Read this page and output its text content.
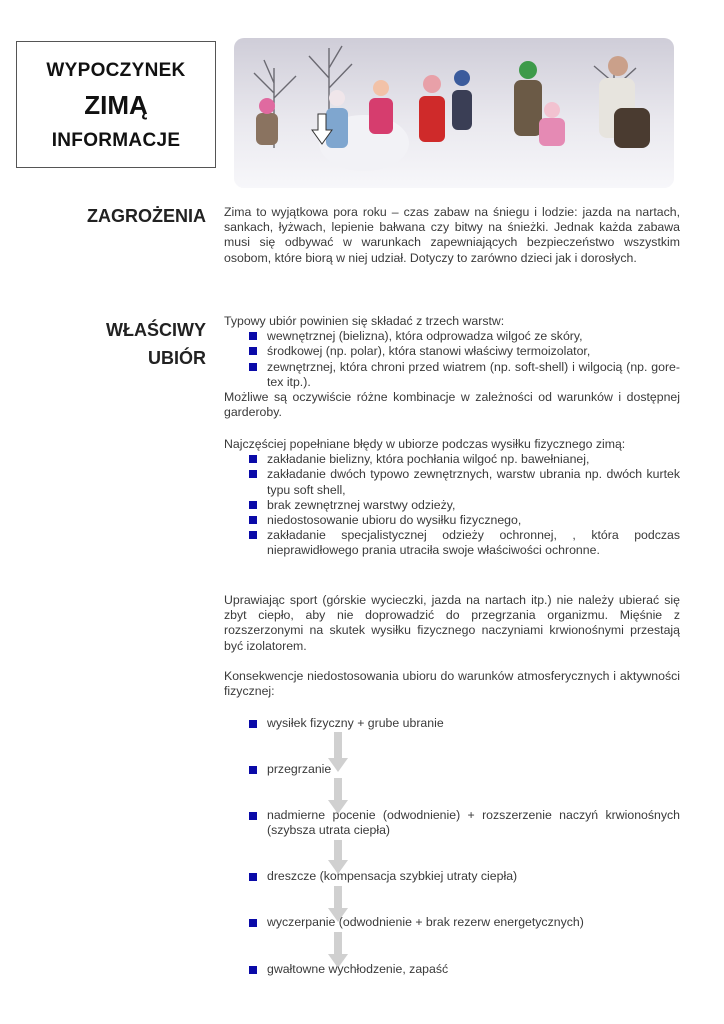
WYPOCZYNEK
ZIMĄ
INFORMACJE
ZAGROŻENIA Zima to wyjątkowa pora roku – czas zabaw na śniegu i lodzie: jazda na nartach, sankach, łyżwach, lepienie bałwana czy bitwy na śnieżki. Jednak każda zabawa musi się odbywać w warunkach zapewniających bezpieczeństwo wszystkim osobom, które biorą w niej udział. Dotyczy to zarówno dzieci jak i dorosłych.
WŁAŚCIWY
UBIÓR
Typowy ubiór powinien się składać z trzech warstw:
wewnętrznej (bielizna), która odprowadza wilgoć ze skóry,
środkowej (np. polar), która stanowi właściwy termoizolator,
zewnętrznej, która chroni przed wiatrem (np. soft-shell) i wilgocią (np. gore-tex itp.).
Możliwe są oczywiście różne kombinacje w zależności od warunków i dostępnej garderoby.
Najczęściej popełniane błędy w ubiorze podczas wysiłku fizycznego zimą:
zakładanie bielizny, która pochłania wilgoć np. bawełnianej,
zakładanie dwóch typowo zewnętrznych, warstw ubrania np. dwóch kurtek typu soft shell,
brak zewnętrznej warstwy odzieży,
niedostosowanie ubioru do wysiłku fizycznego,
zakładanie specjalistycznej odzieży ochronnej, , która podczas nieprawidłowego prania utraciła swoje właściwości ochronne.
Uprawiając sport (górskie wycieczki, jazda na nartach itp.) nie należy ubierać się zbyt ciepło, aby nie doprowadzić do przegrzania organizmu. Mięśnie z rozszerzonymi na skutek wysiłku fizycznego naczyniami krwionośnymi przestają być izolatorem.
Konsekwencje niedostosowania ubioru do warunków atmosferycznych i aktywności fizycznej:
wysiłek fizyczny + grube ubranie
przegrzanie
nadmierne pocenie (odwodnienie) + rozszerzenie naczyń krwionośnych (szybsza utrata ciepła)
dreszcze (kompensacja szybkiej utraty ciepła)
wyczerpanie (odwodnienie + brak rezerw energetycznych)
gwałtowne wychłodzenie, zapaść
